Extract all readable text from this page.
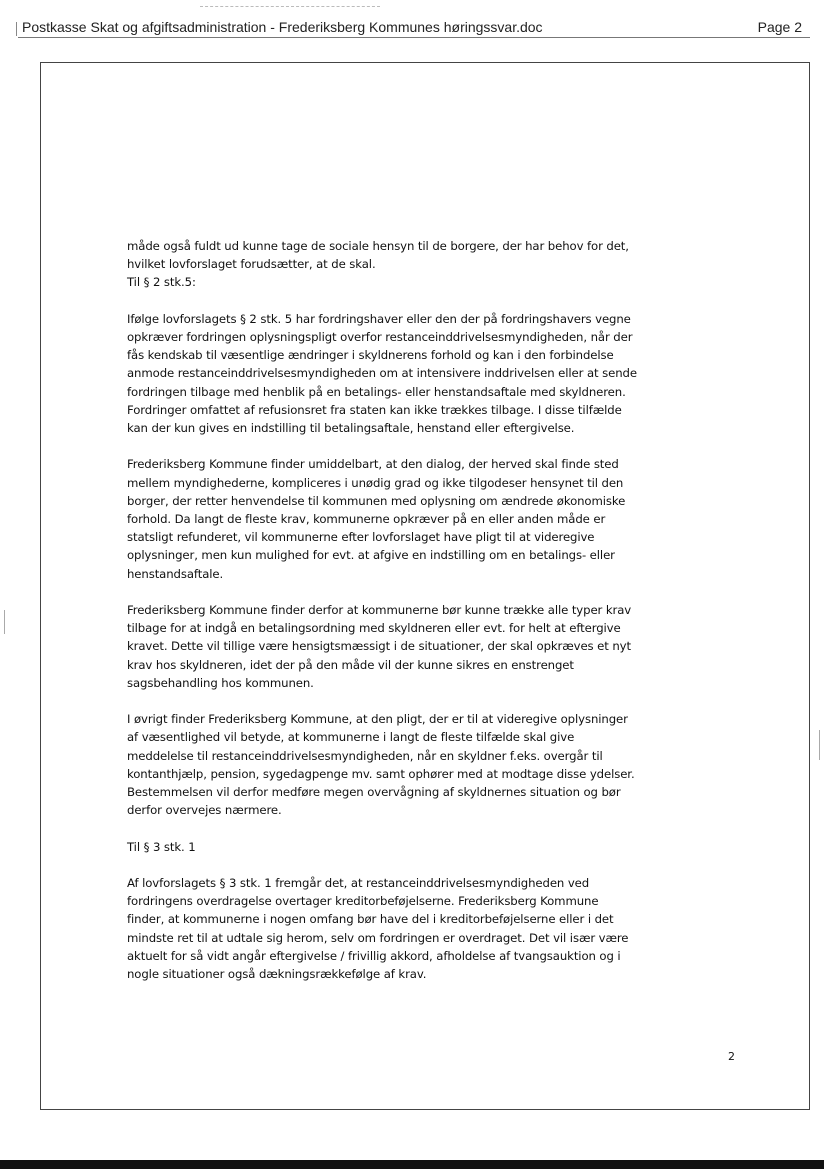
Postkasse Skat og afgiftsadministration - Frederiksberg Kommunes høringssvar.doc	Page 2

måde også fuldt ud kunne tage de sociale hensyn til de borgere, der har behov for det,
hvilket lovforslaget forudsætter, at de skal.

Til § 2 stk.5:

Ifølge lovforslagets § 2 stk. 5 har fordringshaver eller den der på fordringshavers vegne
opkræver fordringen oplysningspligt overfor restanceinddrivelsesmyndigheden, når der
fås kendskab til væsentlige ændringer i skyldnerens forhold og kan i den forbindelse
anmode restanceinddrivelsesmyndigheden om at intensivere inddrivelsen eller at sende
fordringen tilbage med henblik på en betalings- eller henstandsaftale med skyldneren.
Fordringer omfattet af refusionsret fra staten kan ikke trækkes tilbage. I disse tilfælde
kan der kun gives en indstilling til betalingsaftale, henstand eller eftergivelse.

Frederiksberg Kommune finder umiddelbart, at den dialog, der herved skal finde sted
mellem myndighederne, kompliceres i unødig grad og ikke tilgodeser hensynet til den
borger, der retter henvendelse til kommunen med oplysning om ændrede økonomiske
forhold. Da langt de fleste krav, kommunerne opkræver på en eller anden måde er
statsligt refunderet, vil kommunerne efter lovforslaget have pligt til at videregive
oplysninger, men kun mulighed for evt. at afgive en indstilling om en betalings- eller
henstandsaftale.

Frederiksberg Kommune finder derfor at kommunerne bør kunne trække alle typer krav
tilbage for at indgå en betalingsordning med skyldneren eller evt. for helt at eftergive
kravet. Dette vil tillige være hensigtsmæssigt i de situationer, der skal opkræves et nyt
krav hos skyldneren, idet der på den måde vil der kunne sikres en enstrenget
sagsbehandling hos kommunen.

I øvrigt finder Frederiksberg Kommune, at den pligt, der er til at videregive oplysninger
af væsentlighed vil betyde, at kommunerne i langt de fleste tilfælde skal give
meddelelse til restanceinddrivelsesmyndigheden, når en skyldner f.eks. overgår til
kontanthjælp, pension, sygedagpenge mv. samt ophører med at modtage disse ydelser.
Bestemmelsen vil derfor medføre megen overvågning af skyldnernes situation og bør
derfor overvejes nærmere.

Til § 3 stk. 1

Af lovforslagets § 3 stk. 1 fremgår det, at restanceinddrivelsesmyndigheden ved
fordringens overdragelse overtager kreditorbeføjelserne. Frederiksberg Kommune
finder, at kommunerne i nogen omfang bør have del i kreditorbeføjelserne eller i det
mindste ret til at udtale sig herom, selv om fordringen er overdraget. Det vil især være
aktuelt for så vidt angår eftergivelse / frivillig akkord, afholdelse af tvangsauktion og i
nogle situationer også dækningsrækkefølge af krav.

2
